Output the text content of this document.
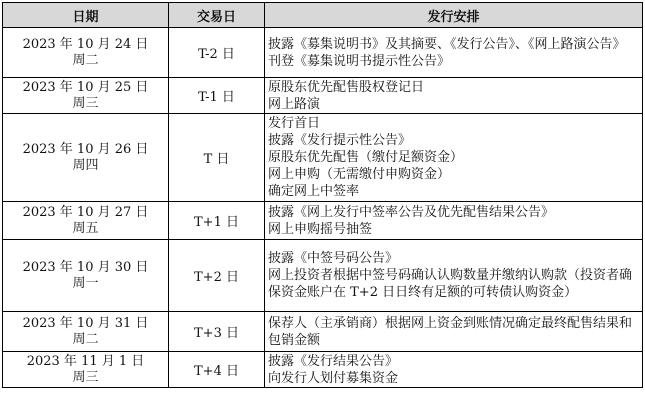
日期	交易日	发行安排

2023 年 10 月 24 日
周二	T-2 日	披露《募集说明书》及其摘要、《发行公告》、《网上路演公告》
刊登《募集说明书提示性公告》

2023 年 10 月 25 日
周三	T-1 日	原股东优先配售股权登记日
网上路演

2023 年 10 月 26 日
周四	T 日	发行首日
披露《发行提示性公告》
原股东优先配售（缴付足额资金）
网上申购（无需缴付申购资金）
确定网上中签率

2023 年 10 月 27 日
周五	T+1 日	披露《网上发行中签率公告及优先配售结果公告》
网上申购摇号抽签

2023 年 10 月 30 日
周一	T+2 日	披露《中签号码公告》
网上投资者根据中签号码确认认购数量并缴纳认购款（投资者确保资金账户在 T+2 日日终有足额的可转债认购资金）

2023 年 10 月 31 日
周二	T+3 日	保荐人（主承销商）根据网上资金到账情况确定最终配售结果和包销金额

2023 年 11 月 1 日
周三	T+4 日	披露《发行结果公告》
向发行人划付募集资金
